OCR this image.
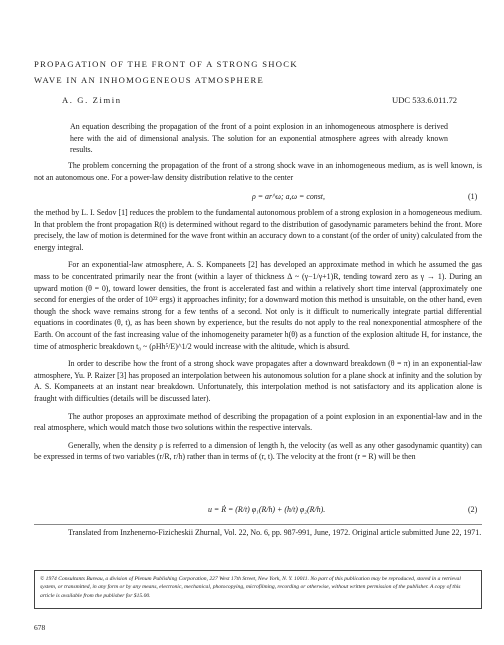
PROPAGATION OF THE FRONT OF A STRONG SHOCK
WAVE IN AN INHOMOGENEOUS ATMOSPHERE
A. G. Zimin	UDC 533.6.011.72
An equation describing the propagation of the front of a point explosion in an inhomogeneous atmosphere is derived here with the aid of dimensional analysis. The solution for an exponential atmosphere agrees with already known results.

The problem concerning the propagation of the front of a strong shock wave in an inhomogeneous medium, as is well known, is not an autonomous one. For a power-law density distribution relative to the center

ρ = ar^ω; a,ω = const,	(1)

the method by L. I. Sedov [1] reduces the problem to the fundamental autonomous problem of a strong explosion in a homogeneous medium. In that problem the front propagation R(t) is determined without regard to the distribution of gasodynamic parameters behind the front. More precisely, the law of motion is determined for the wave front within an accuracy down to a constant (of the order of unity) calculated from the energy integral.

For an exponential-law atmosphere, A. S. Kompaneets [2] has developed an approximate method in which he assumed the gas mass to be concentrated primarily near the front (within a layer of thickness Δ ~ (γ−1/γ+1)R, tending toward zero as γ → 1). During an upward motion (θ = 0), toward lower densities, the front is accelerated fast and within a relatively short time interval (approximately one second for energies of the order of 10²² ergs) it approaches infinity; for a downward motion this method is unsuitable, on the other hand, even though the shock wave remains strong for a few tenths of a second. Not only is it difficult to numerically integrate partial differential equations in coordinates (θ, t), as has been shown by experience, but the results do not apply to the real nonexponential atmosphere of the Earth. On account of the fast increasing value of the inhomogeneity parameter h(θ) as a function of the explosion altitude H, for instance, the time of atmospheric breakdown t₀ ~ (ρHh⁵/E)^1/2 would increase with the altitude, which is absurd.

In order to describe how the front of a strong shock wave propagates after a downward breakdown (θ = π) in an exponential-law atmosphere, Yu. P. Raizer [3] has proposed an interpolation between his autonomous solution for a plane shock at infinity and the solution by A. S. Kompaneets at an instant near breakdown. Unfortunately, this interpolation method is not satisfactory and its application alone is fraught with difficulties (details will be discussed later).

The author proposes an approximate method of describing the propagation of a point explosion in an exponential-law and in the real atmosphere, which would match those two solutions within the respective intervals.

Generally, when the density ρ is referred to a dimension of length h, the velocity (as well as any other gasodynamic quantity) can be expressed in terms of two variables (r/R, r/h) rather than in terms of (r, t). The velocity at the front (r = R) will be then

u = Ṙ = (R/t) φ₁(R/h) + (h/t) φ₂(R/h).	(2)
Translated from Inzhenerno-Fizicheskii Zhurnal, Vol. 22, No. 6, pp. 987-991, June, 1972. Original article submitted June 22, 1971.
© 1974 Consultants Bureau, a division of Plenum Publishing Corporation, 227 West 17th Street, New York, N. Y. 10011. No part of this publication may be reproduced, stored in a retrieval system, or transmitted, in any form or by any means, electronic, mechanical, photocopying, microfilming, recording or otherwise, without written permission of the publisher. A copy of this article is available from the publisher for $15.00.
678
